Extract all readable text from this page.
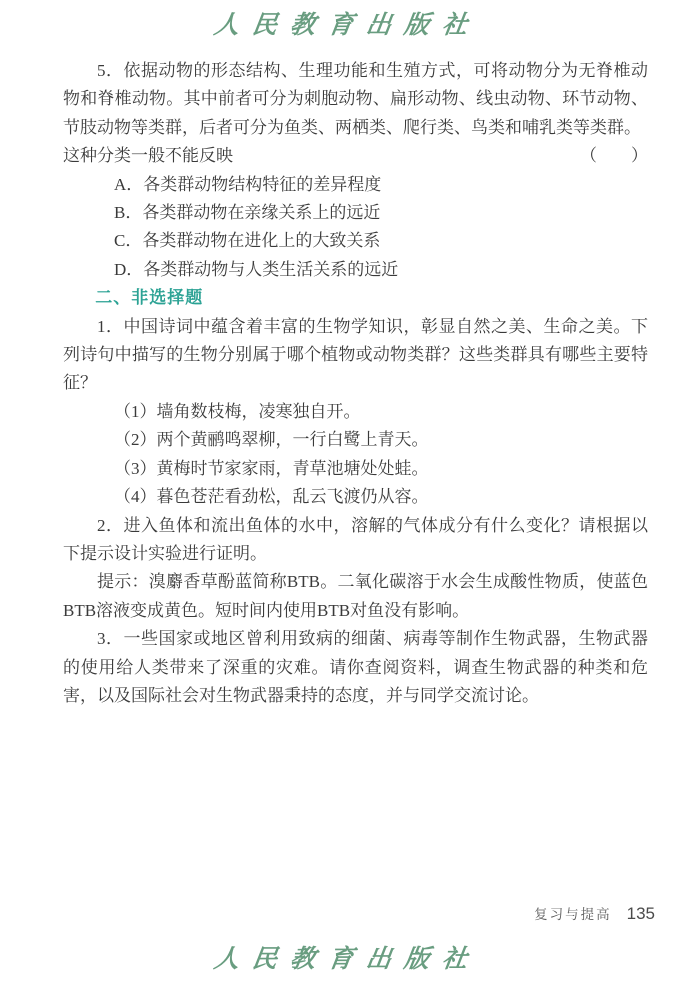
人民教育出版社

5．依据动物的形态结构、生理功能和生殖方式，可将动物分为无脊椎动物和脊椎动物。其中前者可分为刺胞动物、扁形动物、线虫动物、环节动物、节肢动物等类群，后者可分为鱼类、两栖类、爬行类、鸟类和哺乳类等类群。

这种分类一般不能反映	（　　）

A．各类群动物结构特征的差异程度

B．各类群动物在亲缘关系上的远近

C．各类群动物在进化上的大致关系

D．各类群动物与人类生活关系的远近

二、非选择题

1．中国诗词中蕴含着丰富的生物学知识，彰显自然之美、生命之美。下列诗句中描写的生物分别属于哪个植物或动物类群？这些类群具有哪些主要特征？

（1）墙角数枝梅，凌寒独自开。

（2）两个黄鹂鸣翠柳，一行白鹭上青天。

（3）黄梅时节家家雨，青草池塘处处蛙。

（4）暮色苍茫看劲松，乱云飞渡仍从容。

2．进入鱼体和流出鱼体的水中，溶解的气体成分有什么变化？请根据以下提示设计实验进行证明。

提示：溴麝香草酚蓝简称BTB。二氧化碳溶于水会生成酸性物质，使蓝色BTB溶液变成黄色。短时间内使用BTB对鱼没有影响。

3．一些国家或地区曾利用致病的细菌、病毒等制作生物武器，生物武器的使用给人类带来了深重的灾难。请你查阅资料，调查生物武器的种类和危害，以及国际社会对生物武器秉持的态度，并与同学交流讨论。

复习与提高 135
人民教育出版社
